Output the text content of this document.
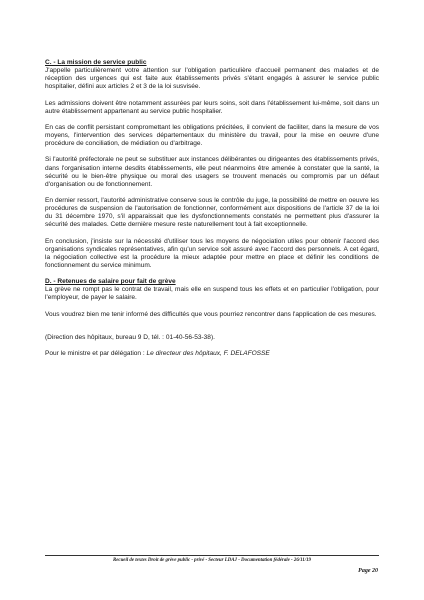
C. - La mission de service public

J'appelle particulièrement votre attention sur l'obligation particulière d'accueil permanent des malades et de réception des urgences qui est faite aux établissements privés s'étant engagés à assurer le service public hospitalier, défini aux articles 2 et 3 de la loi susvisée.

Les admissions doivent être notamment assurées par leurs soins, soit dans l'établissement lui-même, soit dans un autre établissement appartenant au service public hospitalier.

En cas de conflit persistant compromettant les obligations précitées, il convient de faciliter, dans la mesure de vos moyens, l'intervention des services départementaux du ministère du travail, pour la mise en oeuvre d'une procédure de conciliation, de médiation ou d'arbitrage.

Si l'autorité préfectorale ne peut se substituer aux instances délibérantes ou dirigeantes des établissements privés, dans l'organisation interne desdits établissements, elle peut néanmoins être amenée à constater que la santé, la sécurité ou le bien-être physique ou moral des usagers se trouvent menacés ou compromis par un défaut d'organisation ou de fonctionnement.

En dernier ressort, l'autorité administrative conserve sous le contrôle du juge, la possibilité de mettre en oeuvre les procédures de suspension de l'autorisation de fonctionner, conformément aux dispositions de l'article 37 de la loi du 31 décembre 1970, s'il apparaissait que les dysfonctionnements constatés ne permettent plus d'assurer la sécurité des malades. Cette dernière mesure reste naturellement tout à fait exceptionnelle.

En conclusion, j'insiste sur la nécessité d'utiliser tous les moyens de négociation utiles pour obtenir l'accord des organisations syndicales représentatives, afin qu'un service soit assuré avec l'accord des personnels. A cet égard, la négociation collective est la procédure la mieux adaptée pour mettre en place et définir les conditions de fonctionnement du service minimum.

D. - Retenues de salaire pour fait de grève

La grève ne rompt pas le contrat de travail, mais elle en suspend tous les effets et en particulier l'obligation, pour l'employeur, de payer le salaire.

Vous voudrez bien me tenir informé des difficultés que vous pourriez rencontrer dans l'application de ces mesures.

(Direction des hôpitaux, bureau 9 D, tél. : 01-40-56-53-38).

Pour le ministre et par délégation : Le directeur des hôpitaux, F. DELAFOSSE

Recueil de textes Droit de grève public - privé - Secteur LDAJ - Documentation fédérale - 26/11/19
Page 20
